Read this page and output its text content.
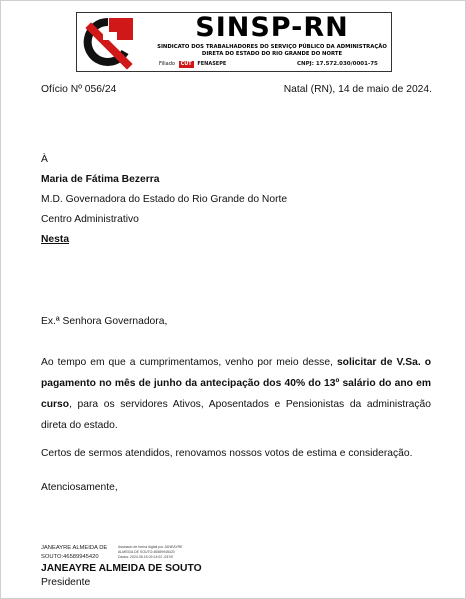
SINSP-RN
SINDICATO DOS TRABALHADORES DO SERVIÇO PÚBLICO DA ADMINISTRAÇÃO
DIRETA DO ESTADO DO RIO GRANDE DO NORTE
Filiado CUT FENASEPE	CNPJ: 17.572.030/0001-75
Ofício Nº 056/24	Natal (RN), 14 de maio de 2024.
À
Maria de Fátima Bezerra
M.D. Governadora do Estado do Rio Grande do Norte
Centro Administrativo
Nesta
Ex.ª Senhora Governadora,
Ao tempo em que a cumprimentamos, venho por meio desse, solicitar de V.Sa. o pagamento no mês de junho da antecipação dos 40% do 13º salário do ano em curso, para os servidores Ativos, Aposentados e Pensionistas da administração direta do estado.
Certos de sermos atendidos, renovamos nossos votos de estima e consideração.
Atenciosamente,
JANEAYRE ALMEIDA DE
SOUTO:46589945420
Assinado de forma digital por JANEAYRE
ALMEIDA DE SOUTO:46589945420
Dados: 2024.05.15 09:14:02 -03'00'
JANEAYRE ALMEIDA DE SOUTO
Presidente
